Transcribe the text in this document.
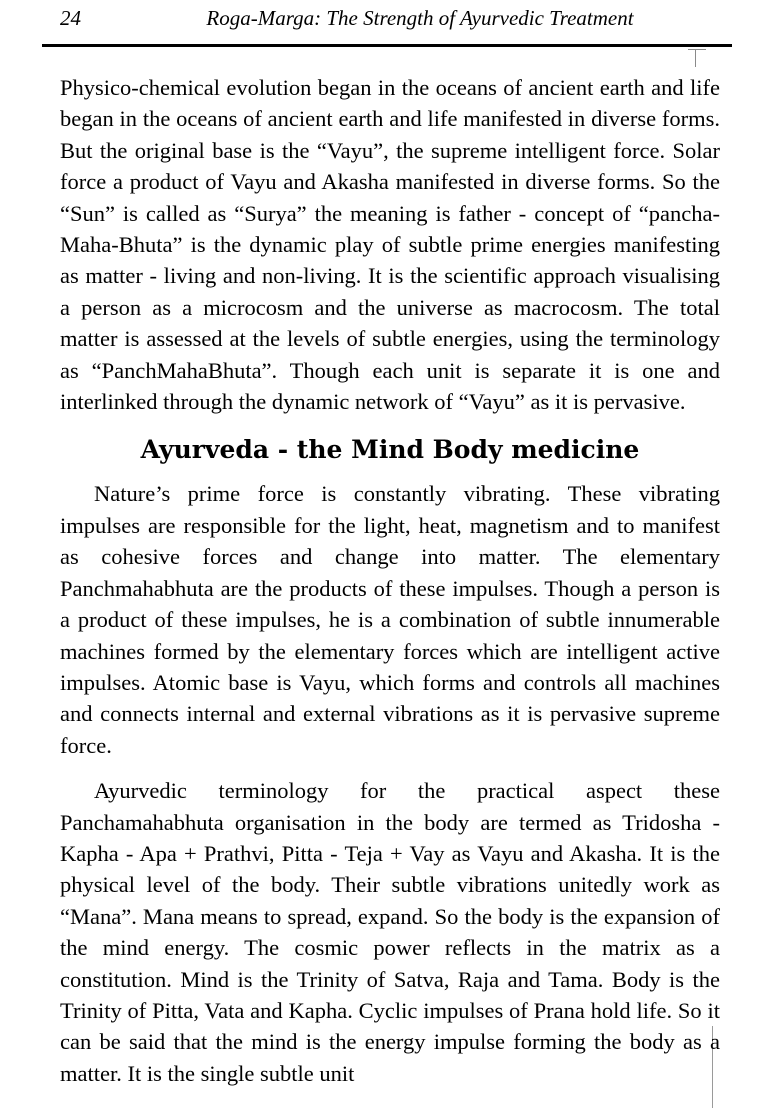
24	Roga-Marga: The Strength of Ayurvedic Treatment

Physico-chemical evolution began in the oceans of ancient earth and life began in the oceans of ancient earth and life manifested in diverse forms. But the original base is the “Vayu”, the supreme intelligent force. Solar force a product of Vayu and Akasha manifested in diverse forms. So the “Sun” is called as “Surya” the meaning is father - concept of “pancha-Maha-Bhuta” is the dynamic play of subtle prime energies manifesting as matter - living and non-living. It is the scientific approach visualising a person as a microcosm and the universe as macrocosm. The total matter is assessed at the levels of subtle energies, using the terminology as “PanchMahaBhuta”. Though each unit is separate it is one and interlinked through the dynamic network of “Vayu” as it is pervasive.

Ayurveda - the Mind Body medicine

Nature’s prime force is constantly vibrating. These vibrating impulses are responsible for the light, heat, magnetism and to manifest as cohesive forces and change into matter. The elementary Panchmahabhuta are the products of these impulses. Though a person is a product of these impulses, he is a combination of subtle innumerable machines formed by the elementary forces which are intelligent active impulses. Atomic base is Vayu, which forms and controls all machines and connects internal and external vibrations as it is pervasive supreme force.

Ayurvedic terminology for the practical aspect these Panchamahabhuta organisation in the body are termed as Tridosha - Kapha - Apa + Prathvi, Pitta - Teja + Vay as Vayu and Akasha. It is the physical level of the body. Their subtle vibrations unitedly work as “Mana”. Mana means to spread, expand. So the body is the expansion of the mind energy. The cosmic power reflects in the matrix as a constitution. Mind is the Trinity of Satva, Raja and Tama. Body is the Trinity of Pitta, Vata and Kapha. Cyclic impulses of Prana hold life. So it can be said that the mind is the energy impulse forming the body as a matter. It is the single subtle unit
